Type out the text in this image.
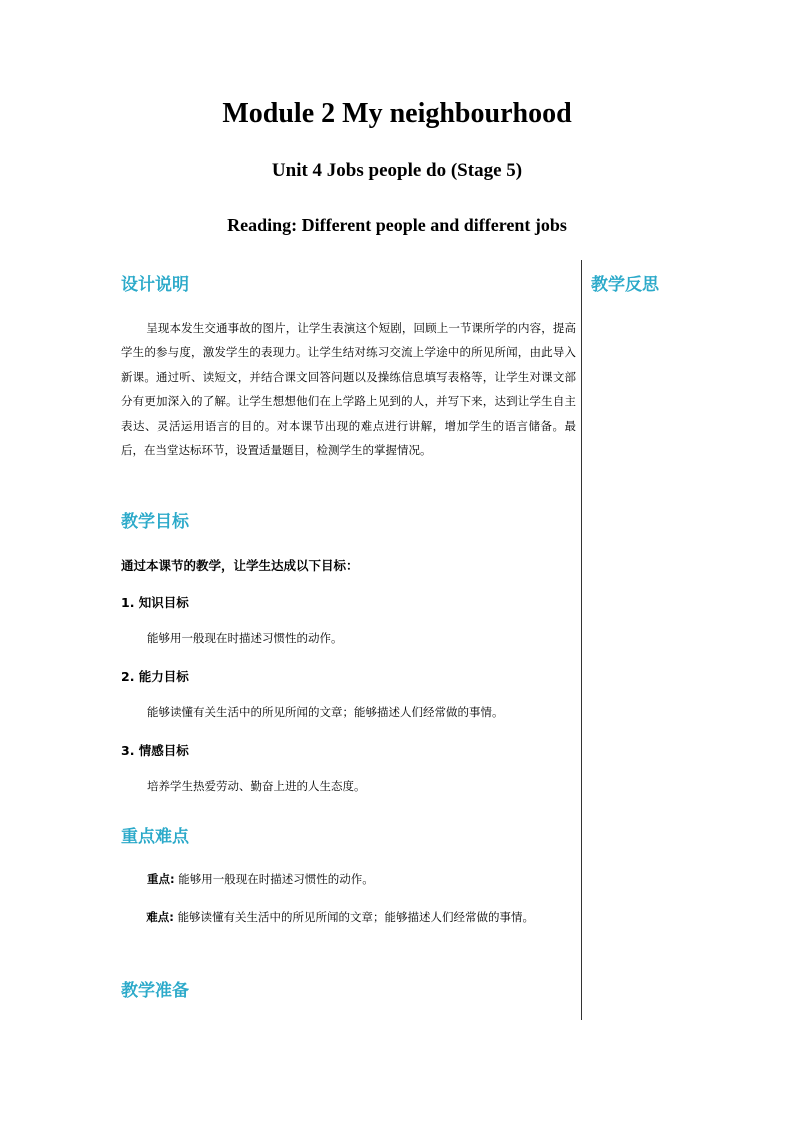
Module 2 My neighbourhood
Unit 4 Jobs people do (Stage 5)
Reading: Different people and different jobs
教学反思
设计说明
呈现本发生交通事故的图片，让学生表演这个短剧，回顾上一节课所学的内容，提高学生的参与度，激发学生的表现力。让学生结对练习交流上学途中的所见所闻，由此导入新课。通过听、读短文，并结合课文回答问题以及操练信息填写表格等，让学生对课文部分有更加深入的了解。让学生想想他们在上学路上见到的人，并写下来，达到让学生自主表达、灵活运用语言的目的。对本课节出现的难点进行讲解，增加学生的语言储备。最后，在当堂达标环节，设置适量题目，检测学生的掌握情况。
教学目标
通过本课节的教学，让学生达成以下目标：
1. 知识目标
能够用一般现在时描述习惯性的动作。
2. 能力目标
能够读懂有关生活中的所见所闻的文章；能够描述人们经常做的事情。
3. 情感目标
培养学生热爱劳动、勤奋上进的人生态度。
重点难点
重点: 能够用一般现在时描述习惯性的动作。
难点: 能够读懂有关生活中的所见所闻的文章；能够描述人们经常做的事情。
教学准备
